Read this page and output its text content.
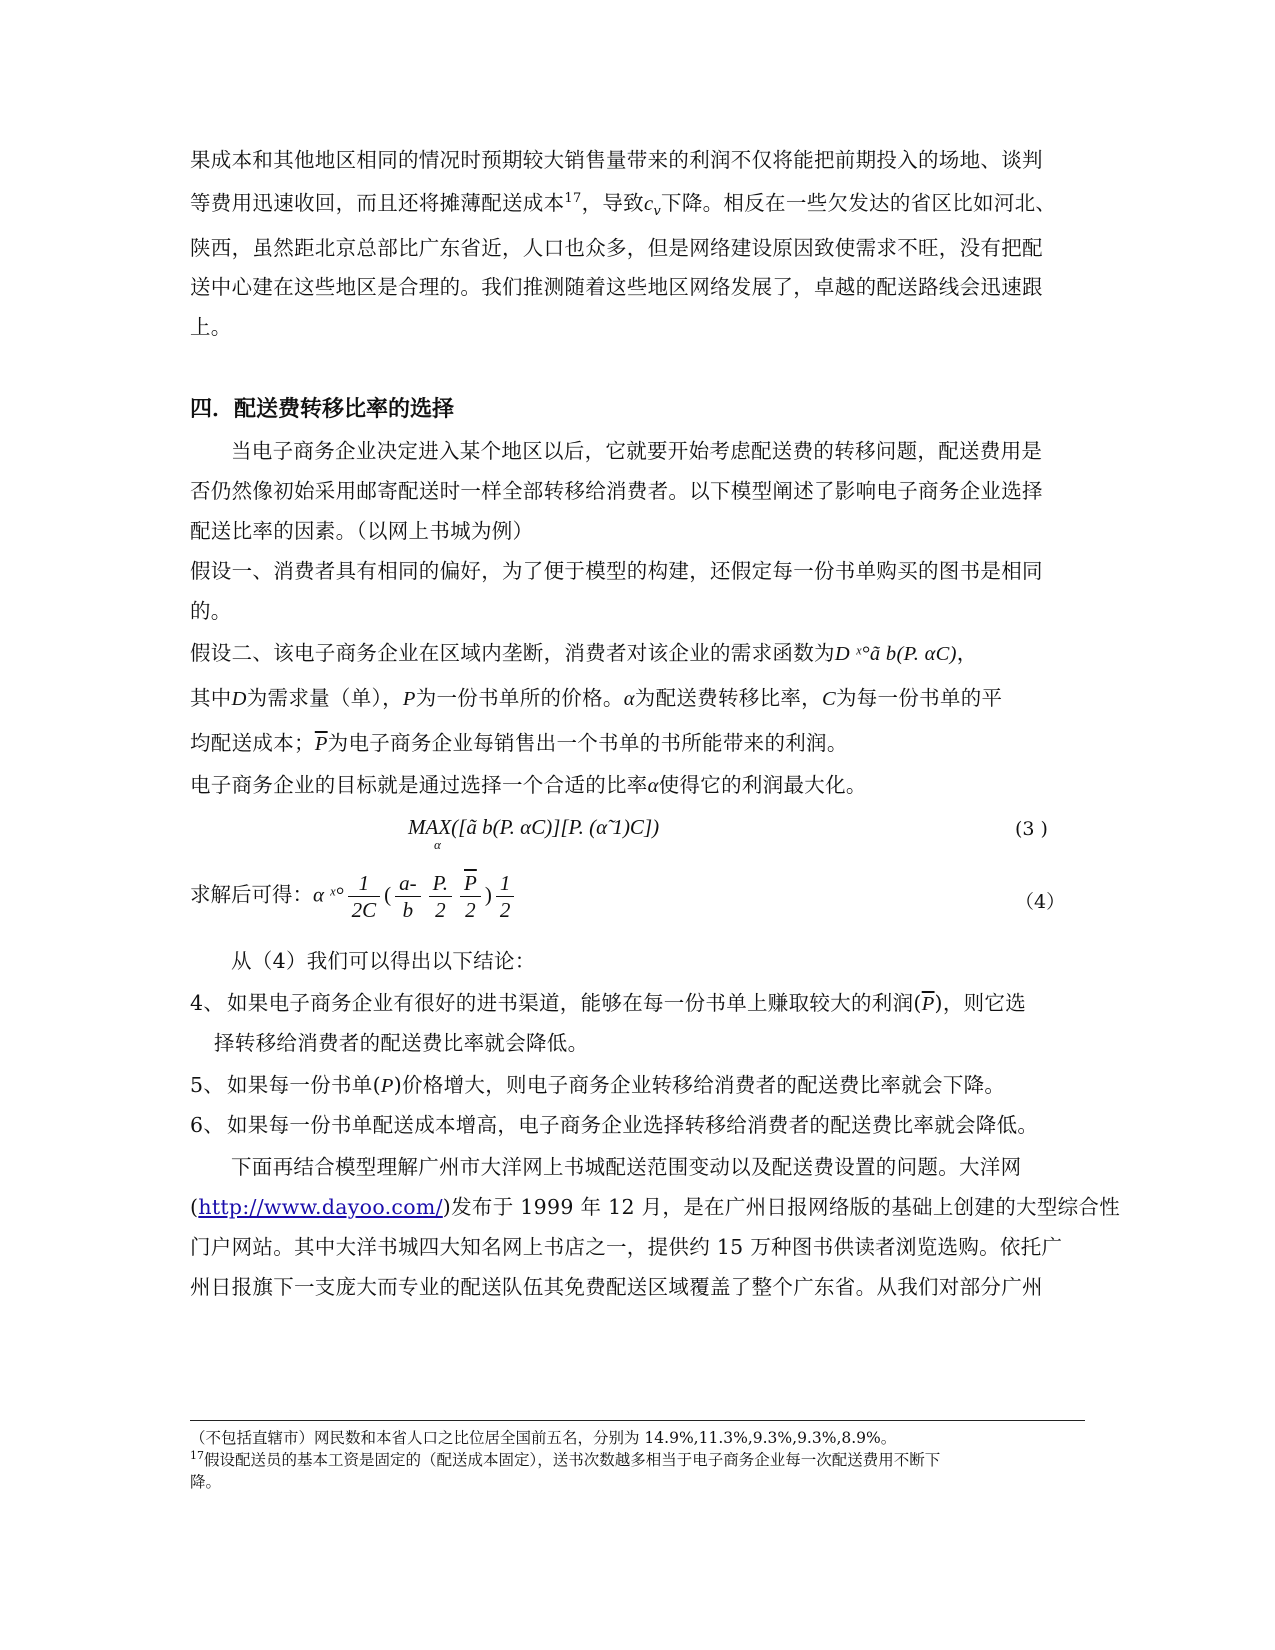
果成本和其他地区相同的情况时预期较大销售量带来的利润不仅将能把前期投入的场地、谈判
等费用迅速收回，而且还将摊薄配送成本$^{17}$，导致$c_v$下降。相反在一些欠发达的省区比如河北、
陕西，虽然距北京总部比广东省近，人口也众多，但是网络建设原因致使需求不旺，没有把配
送中心建在这些地区是合理的。我们推测随着这些地区网络发展了，卓越的配送路线会迅速跟
上。
四．配送费转移比率的选择
当电子商务企业决定进入某个地区以后，它就要开始考虑配送费的转移问题，配送费用是
否仍然像初始采用邮寄配送时一样全部转移给消费者。以下模型阐述了影响电子商务企业选择
配送比率的因素。（以网上书城为例）
假设一、消费者具有相同的偏好，为了便于模型的构建，还假定每一份书单购买的图书是相同
的。
假设二、该电子商务企业在区域内垄断，消费者对该企业的需求函数为D ˣ°ã b(P. αC)，
其中D为需求量（单），P为一份书单所的价格。α为配送费转移比率，C为每一份书单的平
均配送成本；$\overline{P}$为电子商务企业每销售出一个书单的书所能带来的利润。
电子商务企业的目标就是通过选择一个合适的比率α使得它的利润最大化。
MAX
α
([ã b(P. αC)][P. (α̃ 1)C])	(3 )
求解后可得：α ˣ° $\frac{1}{2C}$ ( $\frac{a-}{b} \frac{P.}{2} \frac{\overline{P}}{2}$ ) $\frac{1}{2}$	（4）
从（4）我们可以得出以下结论：
4、 如果电子商务企业有很好的进书渠道，能够在每一份书单上赚取较大的利润$(\overline{P})$，则它选
择转移给消费者的配送费比率就会降低。
5、 如果每一份书单(P)价格增大，则电子商务企业转移给消费者的配送费比率就会下降。
6、 如果每一份书单配送成本增高，电子商务企业选择转移给消费者的配送费比率就会降低。
下面再结合模型理解广州市大洋网上书城配送范围变动以及配送费设置的问题。大洋网
(http://www.dayoo.com/)发布于 1999 年 12 月，是在广州日报网络版的基础上创建的大型综合性
门户网站。其中大洋书城四大知名网上书店之一，提供约 15 万种图书供读者浏览选购。依托广
州日报旗下一支庞大而专业的配送队伍其免费配送区域覆盖了整个广东省。从我们对部分广州
（不包括直辖市）网民数和本省人口之比位居全国前五名，分别为 14.9%,11.3%,9.3%,9.3%,8.9%。
$^{17}$假设配送员的基本工资是固定的（配送成本固定），送书次数越多相当于电子商务企业每一次配送费用不断下
降。
